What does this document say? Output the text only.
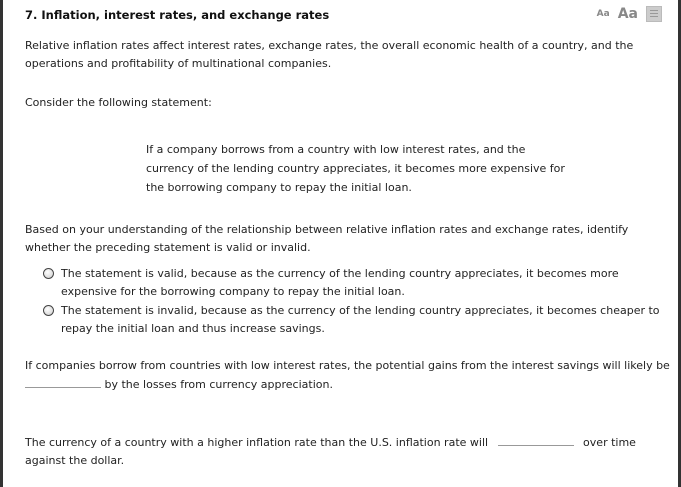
7. Inflation, interest rates, and exchange rates	Aa Aa

Relative inflation rates affect interest rates, exchange rates, the overall economic health of a country, and the operations and profitability of multinational companies.

Consider the following statement:

If a company borrows from a country with low interest rates, and the currency of the lending country appreciates, it becomes more expensive for the borrowing company to repay the initial loan.

Based on your understanding of the relationship between relative inflation rates and exchange rates, identify whether the preceding statement is valid or invalid.

The statement is valid, because as the currency of the lending country appreciates, it becomes more expensive for the borrowing company to repay the initial loan.

The statement is invalid, because as the currency of the lending country appreciates, it becomes cheaper to repay the initial loan and thus increase savings.

If companies borrow from countries with low interest rates, the potential gains from the interest savings will likely be
by the losses from currency appreciation.

The currency of a country with a higher inflation rate than the U.S. inflation rate will	over time against the dollar.
